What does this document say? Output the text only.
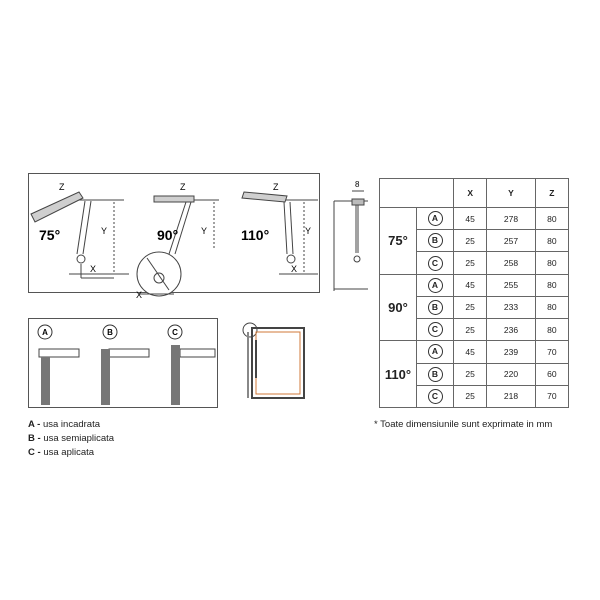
75°	Y
X
Z
90°	Y
Z
X
110°	Y
Z
X
8
A	B	C
A - usa incadrata
B - usa semiaplicata
C - usa aplicata
		X	Y	Z
75°	A	45	278	80
	B	25	257	80
	C	25	258	80
90°	A	45	255	80
	B	25	233	80
	C	25	236	80
110°	A	45	239	70
	B	25	220	60
	C	25	218	70
* Toate dimensiunile sunt exprimate in mm
